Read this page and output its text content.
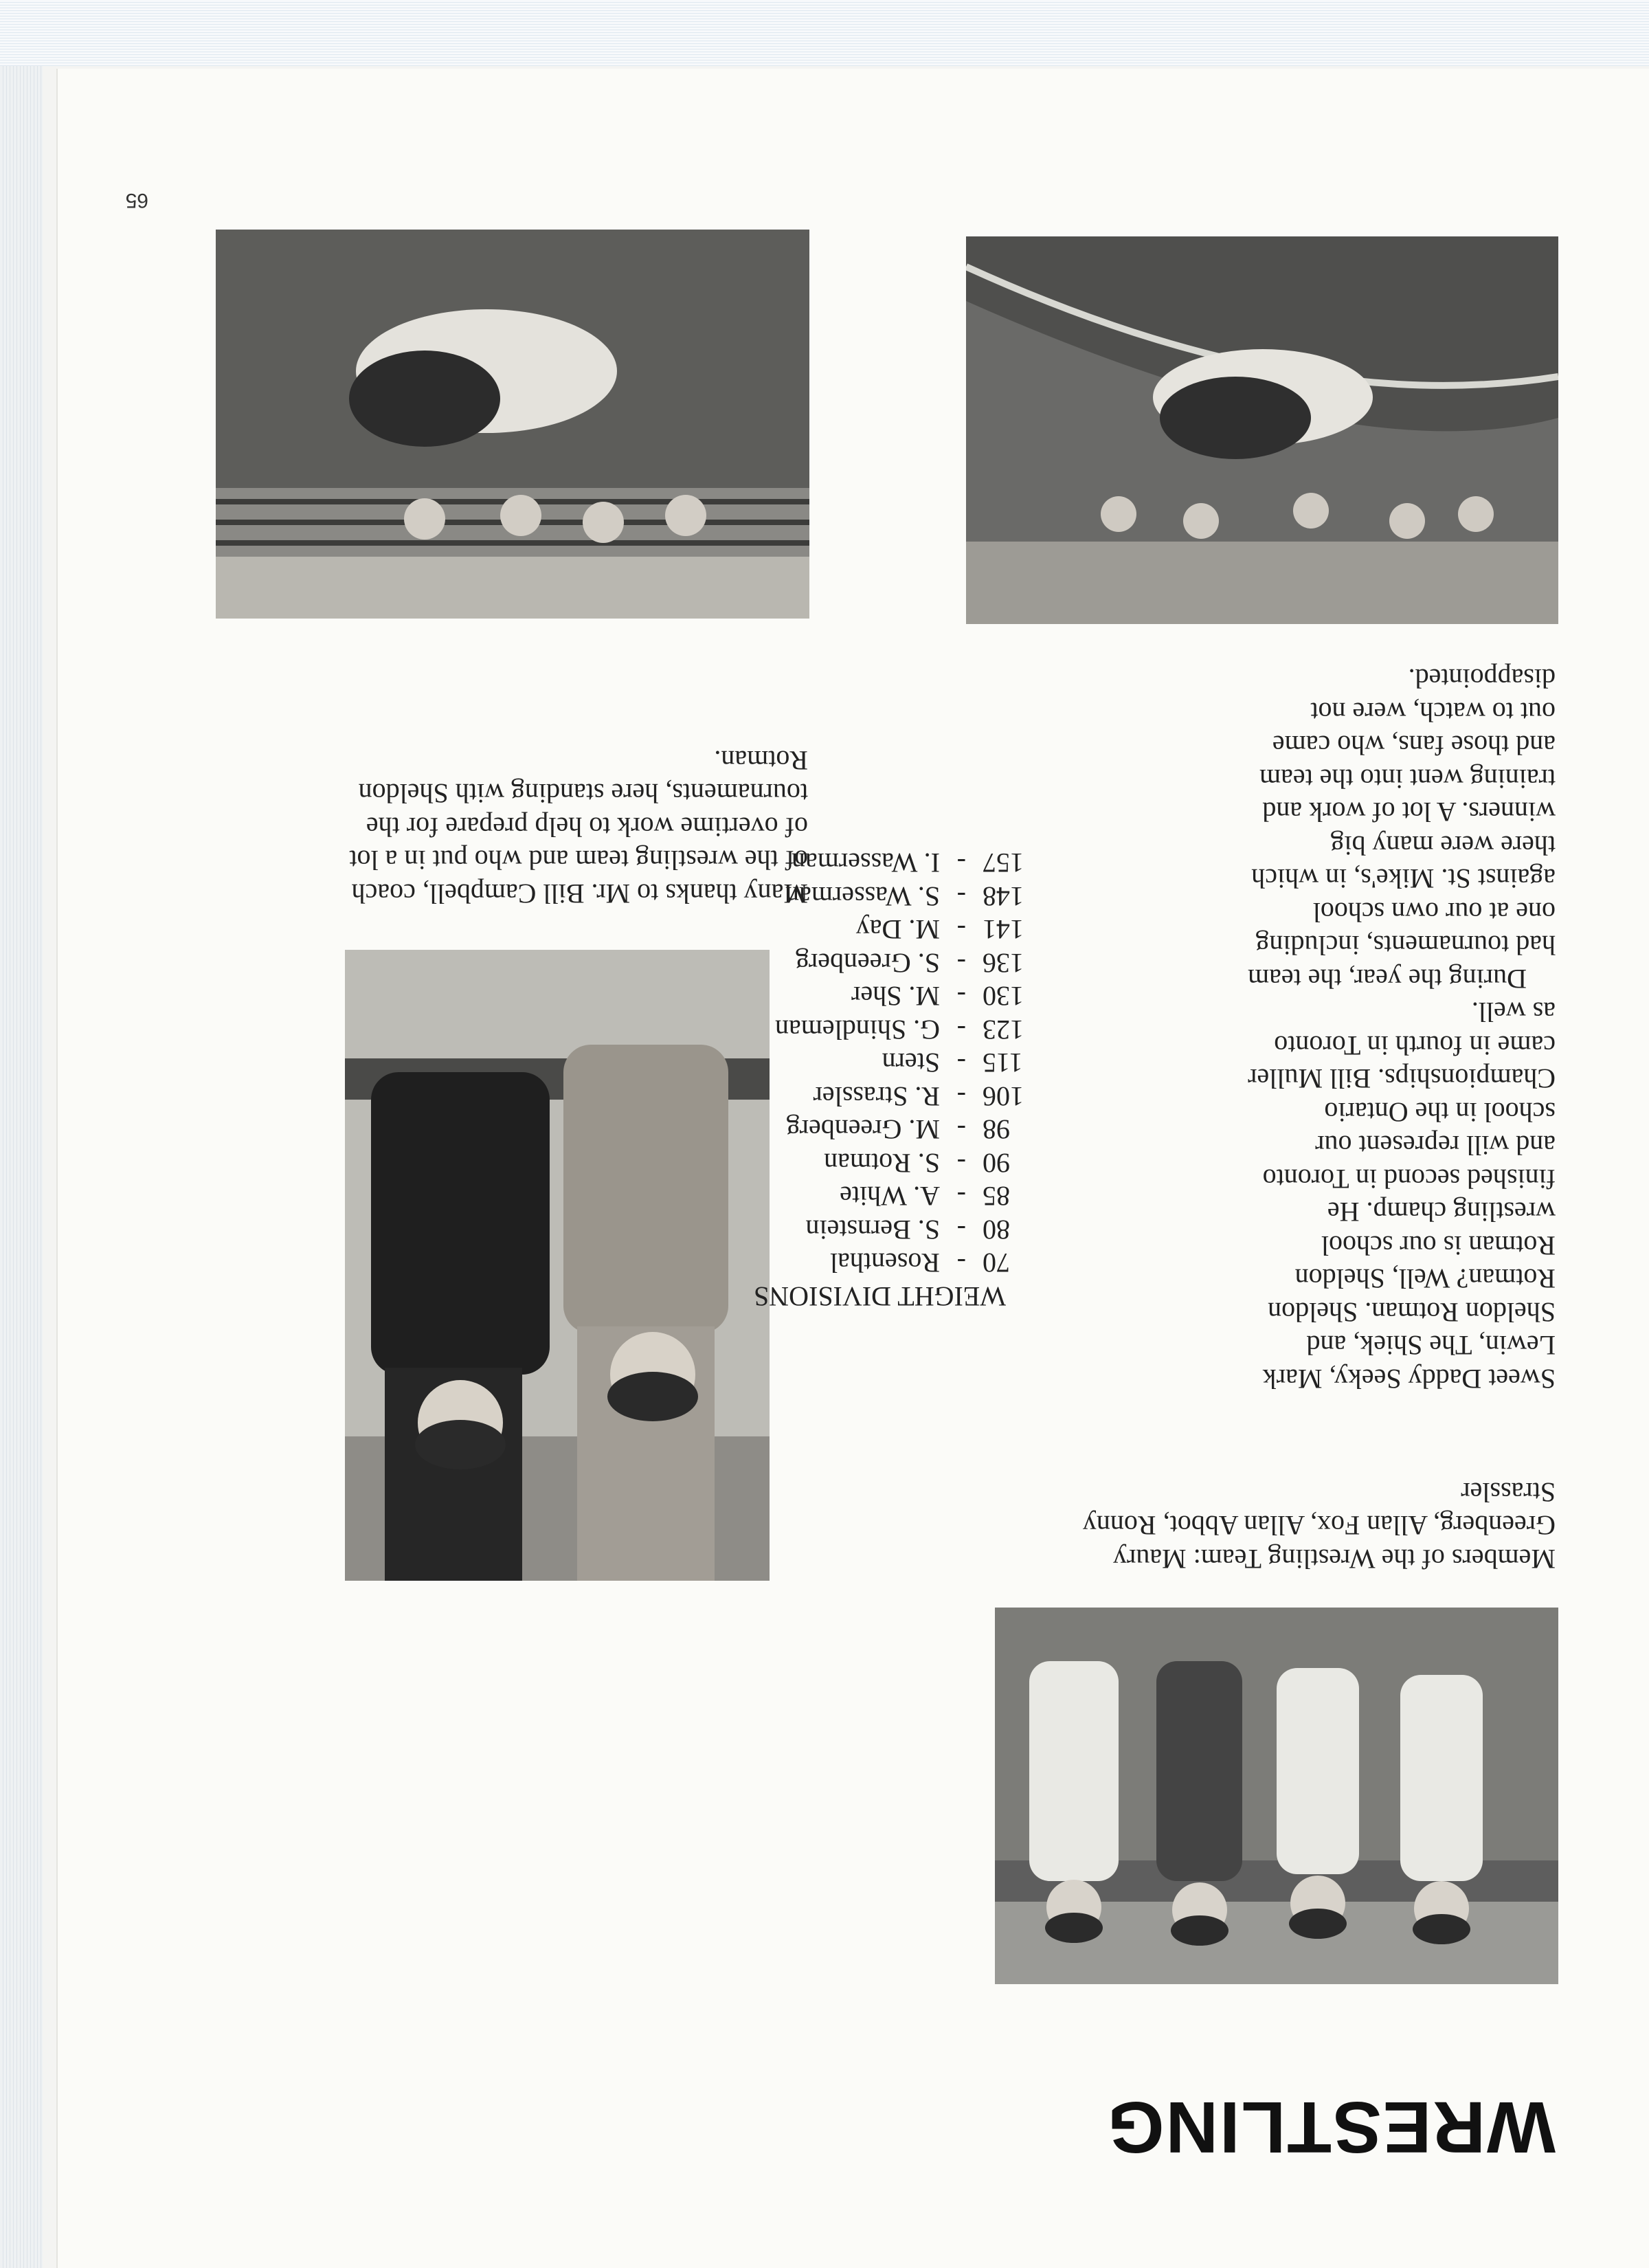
WRESTLING

Members of the Wrestling Team: Maury Greenberg, Allan Fox, Allan Abbot, Ronny Strassler

Sweet Daddy Seeky, Mark Lewin, The Shiek, and Sheldon Rotman. Sheldon Rotman? Well, Sheldon Rotman is our school wrestling champ. He finished second in Toronto and will represent our school in the Ontario Championships. Bill Muller came in fourth in Toronto as well.

During the year, the team had tournaments, including one at our own school against St. Mike's, in which there were many big winners. A lot of work and training went into the team and those fans, who came out to watch, were not disappointed.

Many thanks to Mr. Bill Campbell, coach of the wrestling team and who put in a lot of overtime work to help prepare for the tournaments, here standing with Sheldon Rotman.

WEIGHT DIVISIONS

70
-
Rosenthal
80
-
S. Bernstein
85
-
A. White
90
-
S. Rotman
98
-
M. Greenberg
106
-
R. Strassler
115
-
Stern
123
-
G. Shindleman
130
-
M. Sher
136
-
S. Greenberg
141
-
M. Day
148
-
S. Wasserman
157
-
I. Wasserman
65
